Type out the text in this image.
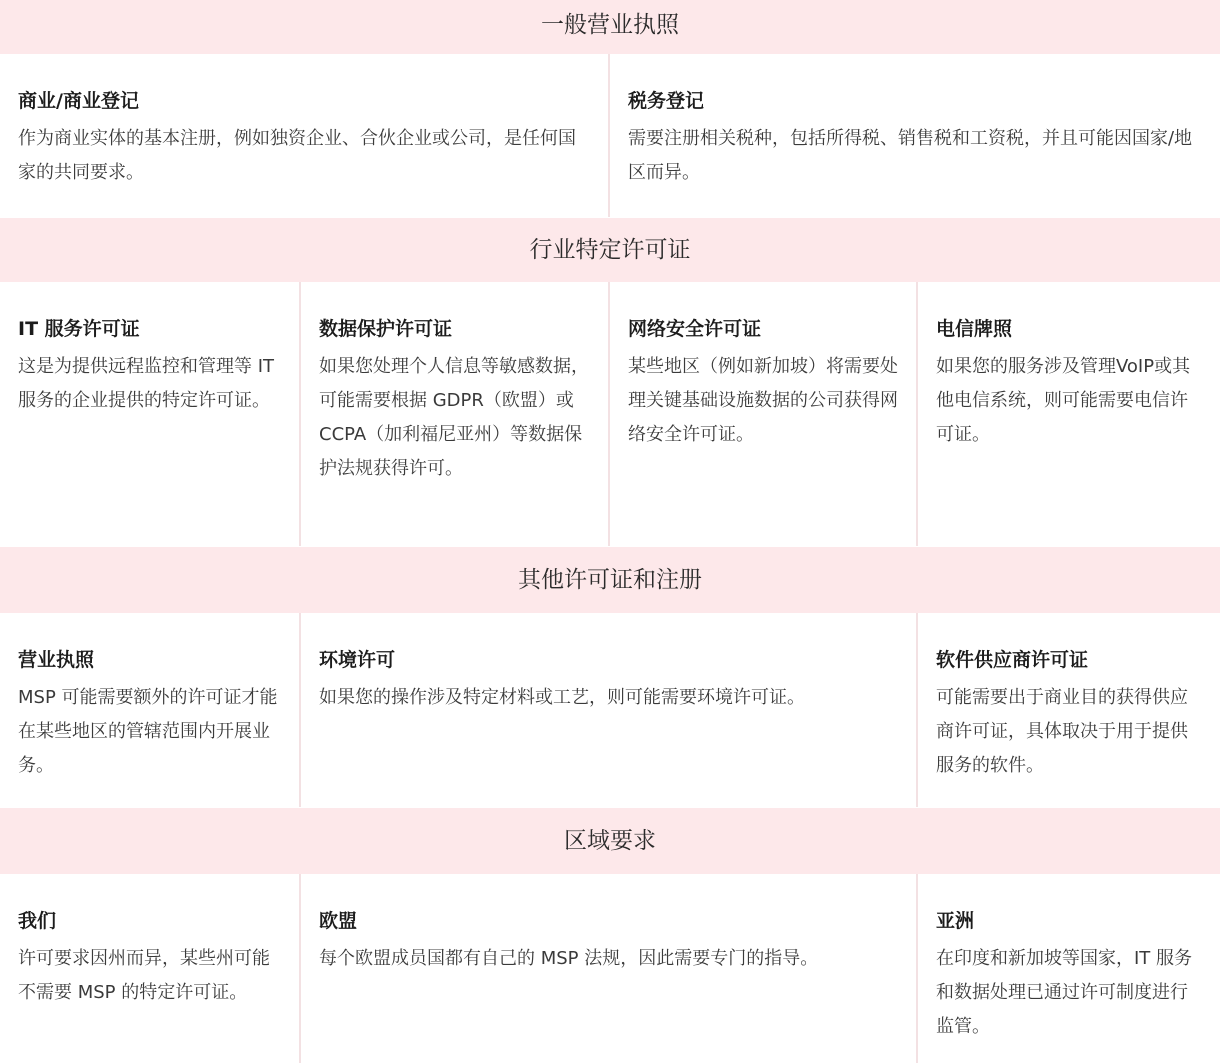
一般营业执照
商业/商业登记
作为商业实体的基本注册，例如独资企业、合伙企业或公司，是任何国家的共同要求。
税务登记
需要注册相关税种，包括所得税、销售税和工资税，并且可能因国家/地区而异。
行业特定许可证
IT 服务许可证
这是为提供远程监控和管理等 IT 服务的企业提供的特定许可证。
数据保护许可证
如果您处理个人信息等敏感数据，可能需要根据 GDPR（欧盟）或 CCPA（加利福尼亚州）等数据保护法规获得许可。
网络安全许可证
某些地区（例如新加坡）将需要处理关键基础设施数据的公司获得网络安全许可证。
电信牌照
如果您的服务涉及管理VoIP或其他电信系统，则可能需要电信许可证。
其他许可证和注册
营业执照
MSP 可能需要额外的许可证才能在某些地区的管辖范围内开展业务。
环境许可
如果您的操作涉及特定材料或工艺，则可能需要环境许可证。
软件供应商许可证
可能需要出于商业目的获得供应商许可证，具体取决于用于提供服务的软件。
区域要求
我们
许可要求因州而异，某些州可能不需要 MSP 的特定许可证。
欧盟
每个欧盟成员国都有自己的 MSP 法规，因此需要专门的指导。
亚洲
在印度和新加坡等国家，IT 服务和数据处理已通过许可制度进行监管。
